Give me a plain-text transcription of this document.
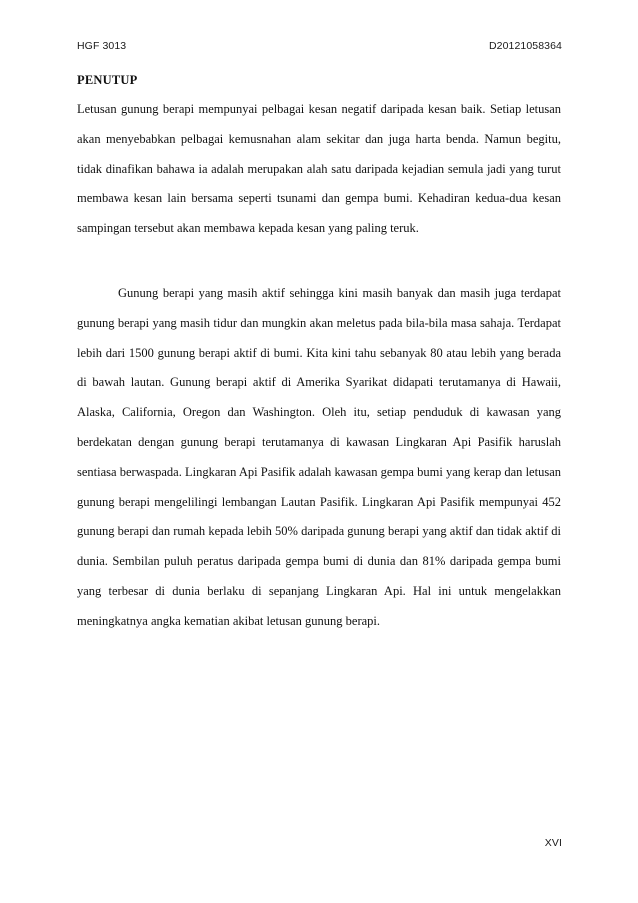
HGF 3013	D20121058364
PENUTUP

Letusan gunung berapi mempunyai pelbagai kesan negatif daripada kesan baik. Setiap letusan akan menyebabkan pelbagai kemusnahan alam sekitar dan juga harta benda. Namun begitu, tidak dinafikan bahawa ia adalah merupakan alah satu daripada kejadian semula jadi yang turut membawa kesan lain bersama seperti tsunami dan gempa bumi. Kehadiran kedua-dua kesan sampingan tersebut akan membawa kepada kesan yang paling teruk.

Gunung berapi yang masih aktif sehingga kini masih banyak dan masih juga terdapat gunung berapi yang masih tidur dan mungkin akan meletus pada bila-bila masa sahaja. Terdapat lebih dari 1500 gunung berapi aktif di bumi. Kita kini tahu sebanyak 80 atau lebih yang berada di bawah lautan. Gunung berapi aktif di Amerika Syarikat didapati terutamanya di Hawaii, Alaska, California, Oregon dan Washington. Oleh itu, setiap penduduk di kawasan yang berdekatan dengan gunung berapi terutamanya di kawasan Lingkaran Api Pasifik haruslah sentiasa berwaspada. Lingkaran Api Pasifik adalah kawasan gempa bumi yang kerap dan letusan gunung berapi mengelilingi lembangan Lautan Pasifik. Lingkaran Api Pasifik mempunyai 452 gunung berapi dan rumah kepada lebih 50% daripada gunung berapi yang aktif dan tidak aktif di dunia. Sembilan puluh peratus daripada gempa bumi di dunia dan 81% daripada gempa bumi yang terbesar di dunia berlaku di sepanjang Lingkaran Api. Hal ini untuk mengelakkan meningkatnya angka kematian akibat letusan gunung berapi.

XVI
